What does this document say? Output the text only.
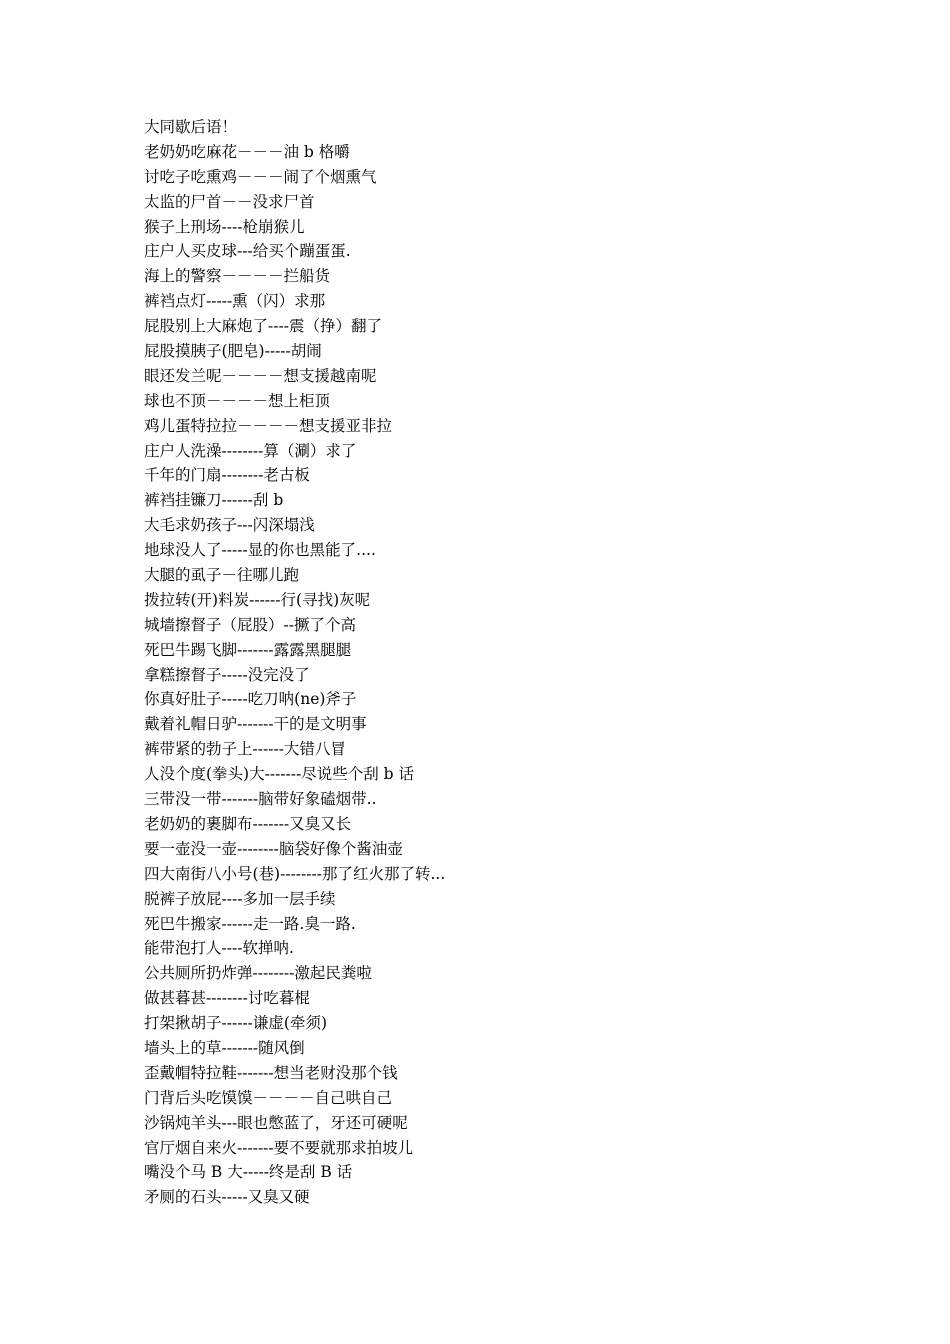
大同歇后语！
老奶奶吃麻花－－－油 b 格嚼
讨吃子吃熏鸡－－－闹了个烟熏气
太监的尸首－－没求尸首
猴子上刑场----枪崩猴儿
庄户人买皮球---给买个蹦蛋蛋.
海上的警察－－－－拦船货
裤裆点灯-----熏（闪）求那
屁股别上大麻炮了----震（挣）翻了
屁股摸胰子(肥皂)-----胡闹
眼还发兰呢－－－－想支援越南呢
球也不顶－－－－想上柜顶
鸡儿蛋特拉拉－－－－想支援亚非拉
庄户人洗澡--------算（涮）求了
千年的门扇--------老古板
裤裆挂镰刀------刮 b
大毛求奶孩子---闪深塌浅
地球没人了-----显的你也黑能了....
大腿的虱子－往哪儿跑
拨拉转(开)料炭------行(寻找)灰呢
城墙擦督子（屁股）--撅了个高
死巴牛踢飞脚-------露露黑腿腿
拿糕擦督子-----没完没了
你真好肚子-----吃刀呐(ne)斧子
戴着礼帽日驴-------干的是文明事
裤带紧的勃子上------大错八冒
人没个度(拳头)大-------尽说些个刮 b 话
三带没一带-------脑带好象磕烟带..
老奶奶的裹脚布-------又臭又长
要一壶没一壶--------脑袋好像个酱油壶
四大南街八小号(巷)--------那了红火那了转...
脱裤子放屁----多加一层手续
死巴牛搬家------走一路.臭一路.
能带泡打人----软掸呐.
公共厕所扔炸弹--------激起民粪啦
做甚暮甚--------讨吃暮棍
打架揪胡子------谦虚(牵须)
墙头上的草-------随风倒
歪戴帽特拉鞋-------想当老财没那个钱
门背后头吃馍馍－－－－自己哄自己
沙锅炖羊头---眼也憋蓝了，牙还可硬呢
官厅烟自来火-------要不要就那求拍坡儿
嘴没个马 B 大-----终是刮 B 话
矛厕的石头-----又臭又硬
